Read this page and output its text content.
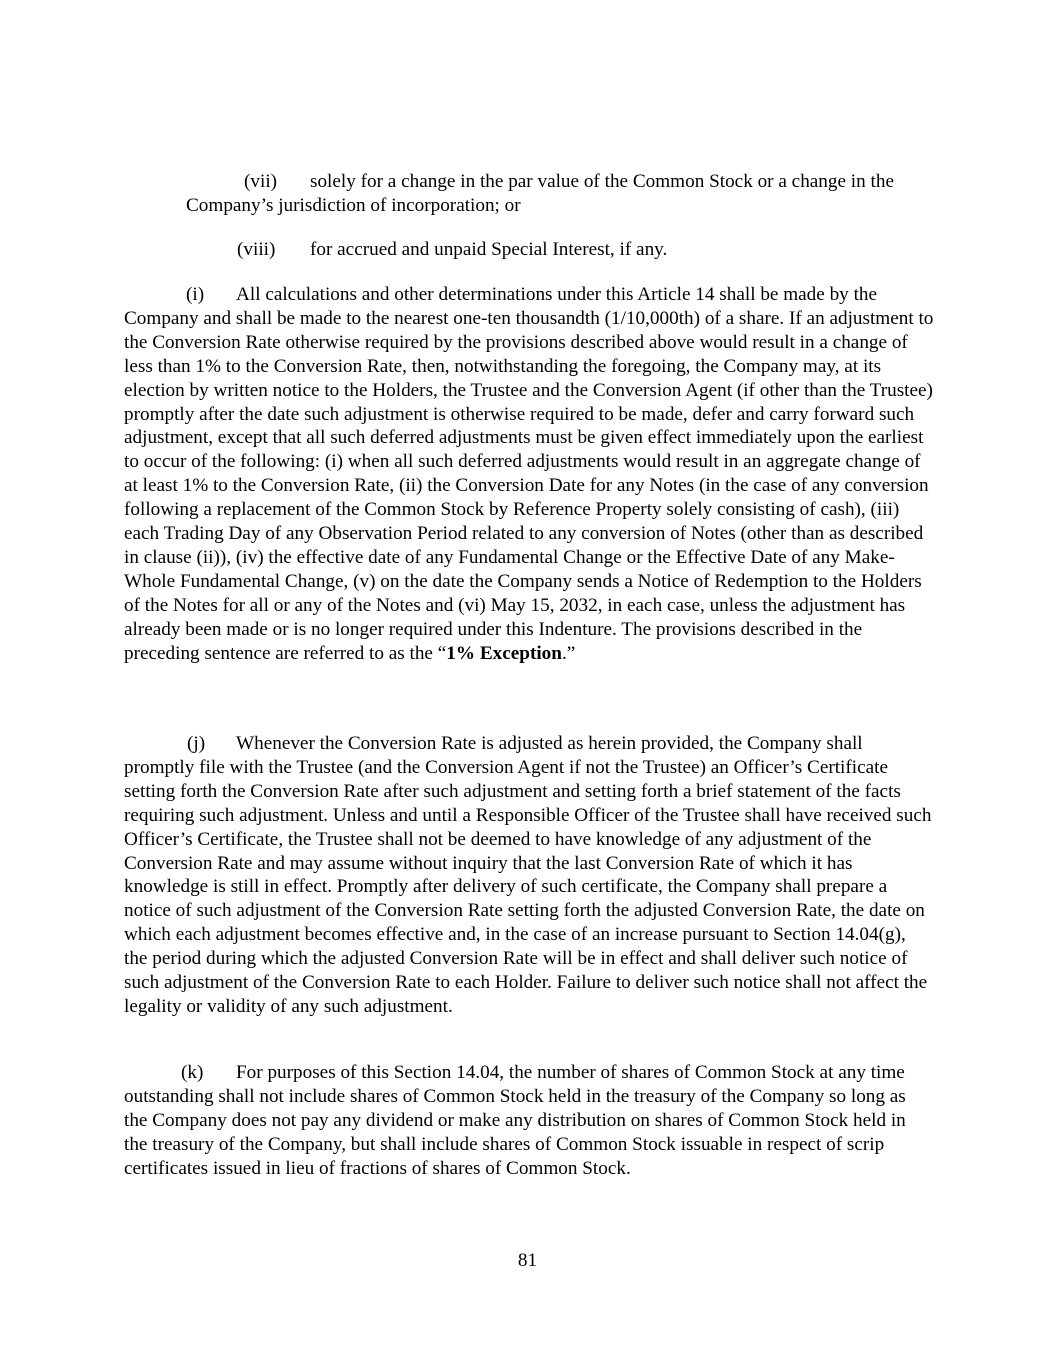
(vii) solely for a change in the par value of the Common Stock or a change in the Company’s jurisdiction of incorporation; or

(viii) for accrued and unpaid Special Interest, if any.

(i) All calculations and other determinations under this Article 14 shall be made by the Company and shall be made to the nearest one-ten thousandth (1/10,000th) of a share. If an adjustment to the Conversion Rate otherwise required by the provisions described above would result in a change of less than 1% to the Conversion Rate, then, notwithstanding the foregoing, the Company may, at its election by written notice to the Holders, the Trustee and the Conversion Agent (if other than the Trustee) promptly after the date such adjustment is otherwise required to be made, defer and carry forward such adjustment, except that all such deferred adjustments must be given effect immediately upon the earliest to occur of the following: (i) when all such deferred adjustments would result in an aggregate change of at least 1% to the Conversion Rate, (ii) the Conversion Date for any Notes (in the case of any conversion following a replacement of the Common Stock by Reference Property solely consisting of cash), (iii) each Trading Day of any Observation Period related to any conversion of Notes (other than as described in clause (ii)), (iv) the effective date of any Fundamental Change or the Effective Date of any Make-Whole Fundamental Change, (v) on the date the Company sends a Notice of Redemption to the Holders of the Notes for all or any of the Notes and (vi) May 15, 2032, in each case, unless the adjustment has already been made or is no longer required under this Indenture. The provisions described in the preceding sentence are referred to as the “1% Exception.”

(j) Whenever the Conversion Rate is adjusted as herein provided, the Company shall promptly file with the Trustee (and the Conversion Agent if not the Trustee) an Officer’s Certificate setting forth the Conversion Rate after such adjustment and setting forth a brief statement of the facts requiring such adjustment. Unless and until a Responsible Officer of the Trustee shall have received such Officer’s Certificate, the Trustee shall not be deemed to have knowledge of any adjustment of the Conversion Rate and may assume without inquiry that the last Conversion Rate of which it has knowledge is still in effect. Promptly after delivery of such certificate, the Company shall prepare a notice of such adjustment of the Conversion Rate setting forth the adjusted Conversion Rate, the date on which each adjustment becomes effective and, in the case of an increase pursuant to Section 14.04(g), the period during which the adjusted Conversion Rate will be in effect and shall deliver such notice of such adjustment of the Conversion Rate to each Holder. Failure to deliver such notice shall not affect the legality or validity of any such adjustment.

(k) For purposes of this Section 14.04, the number of shares of Common Stock at any time outstanding shall not include shares of Common Stock held in the treasury of the Company so long as the Company does not pay any dividend or make any distribution on shares of Common Stock held in the treasury of the Company, but shall include shares of Common Stock issuable in respect of scrip certificates issued in lieu of fractions of shares of Common Stock.

81
